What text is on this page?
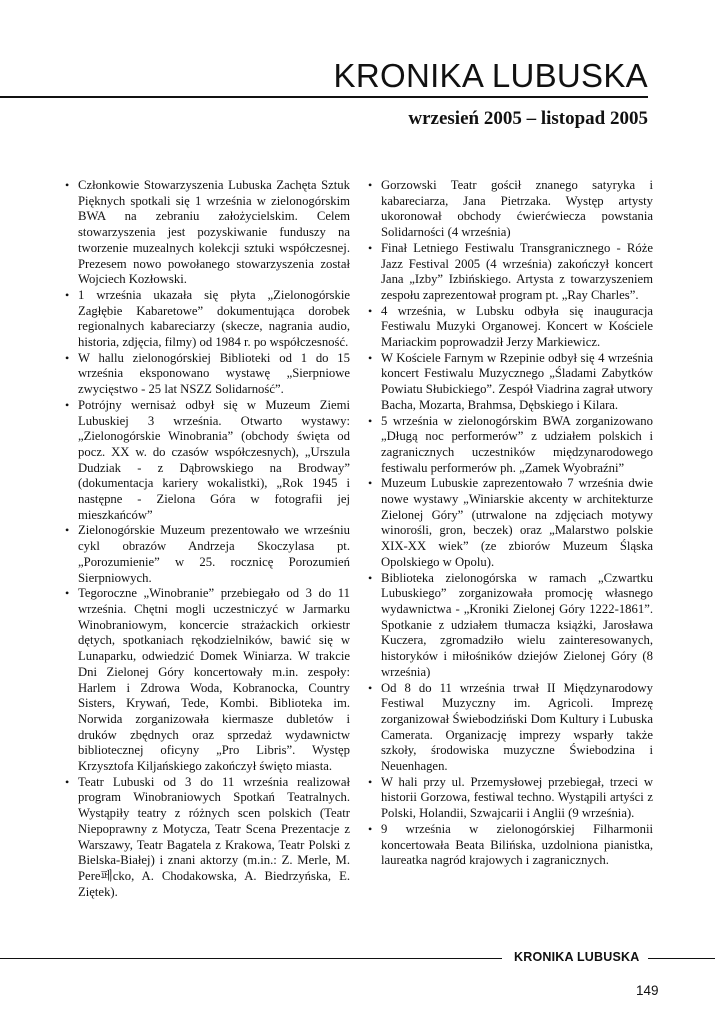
KRONIKA LUBUSKA
wrzesień 2005 – listopad 2005
• Członkowie Stowarzyszenia Lubuska Zachęta Sztuk Pięknych spotkali się 1 września w zielonogórskim BWA na zebraniu założycielskim. Celem stowarzyszenia jest pozyskiwanie funduszy na tworzenie muzealnych kolekcji sztuki współczesnej. Prezesem nowo powołanego stowarzyszenia został Wojciech Kozłowski.
• 1 września ukazała się płyta „Zielonogórskie Zagłębie Kabaretowe” dokumentująca dorobek regionalnych kabareciarzy (skecze, nagrania audio, historia, zdjęcia, filmy) od 1984 r. po współczesność.
• W hallu zielonogórskiej Biblioteki od 1 do 15 września eksponowano wystawę „Sierpniowe zwycięstwo - 25 lat NSZZ Solidarność”.
• Potrójny wernisaż odbył się w Muzeum Ziemi Lubuskiej 3 września. Otwarto wystawy: „Zielonogórskie Winobrania” (obchody święta od pocz. XX w. do czasów współczesnych), „Urszula Dudziak - z Dąbrowskiego na Brodway” (dokumentacja kariery wokalistki), „Rok 1945 i następne - Zielona Góra w fotografii jej mieszkańców”
• Zielonogórskie Muzeum prezentowało we wrześniu cykl obrazów Andrzeja Skoczylasa pt. „Porozumienie” w 25. rocznicę Porozumień Sierpniowych.
• Tegoroczne „Winobranie” przebiegało od 3 do 11 września. Chętni mogli uczestniczyć w Jarmarku Winobraniowym, koncercie strażackich orkiestr dętych, spotkaniach rękodzielników, bawić się w Lunaparku, odwiedzić Domek Winiarza. W trakcie Dni Zielonej Góry koncertowały m.in. zespoły: Harlem i Zdrowa Woda, Kobranocka, Country Sisters, Krywań, Tede, Kombi. Biblioteka im. Norwida zorganizowała kiermasze dubletów i druków zbędnych oraz sprzedaż wydawnictw bibliotecznej oficyny „Pro Libris”. Występ Krzysztofa Kiljańskiego zakończył święto miasta.
• Teatr Lubuski od 3 do 11 września realizował program Winobraniowych Spotkań Teatralnych. Wystąpiły teatry z różnych scen polskich (Teatr Niepoprawny z Motycza, Teatr Scena Prezentacje z Warszawy, Teatr Bagatela z Krakowa, Teatr Polski z Bielska-Białej) i znani aktorzy (m.in.: Z. Merle, M. Pere페cko, A. Chodakowska, A. Biedrzyńska, E. Ziętek).
• Gorzowski Teatr gościł znanego satyryka i kabareciarza, Jana Pietrzaka. Występ artysty ukoronował obchody ćwierćwiecza powstania Solidarności (4 września)
• Finał Letniego Festiwalu Transgranicznego - Róże Jazz Festival 2005 (4 września) zakończył koncert Jana „Izby” Izbińskiego. Artysta z towarzyszeniem zespołu zaprezentował program pt. „Ray Charles”.
• 4 września, w Lubsku odbyła się inauguracja Festiwalu Muzyki Organowej. Koncert w Kościele Mariackim poprowadził Jerzy Markiewicz.
• W Kościele Farnym w Rzepinie odbył się 4 września koncert Festiwalu Muzycznego „Śladami Zabytków Powiatu Słubickiego”. Zespół Viadrina zagrał utwory Bacha, Mozarta, Brahmsa, Dębskiego i Kilara.
• 5 września w zielonogórskim BWA zorganizowano „Długą noc performerów” z udziałem polskich i zagranicznych uczestników międzynarodowego festiwalu performerów ph. „Zamek Wyobraźni”
• Muzeum Lubuskie zaprezentowało 7 września dwie nowe wystawy „Winiarskie akcenty w architekturze Zielonej Góry” (utrwalone na zdjęciach motywy winorośli, gron, beczek) oraz „Malarstwo polskie XIX-XX wiek” (ze zbiorów Muzeum Śląska Opolskiego w Opolu).
• Biblioteka zielonogórska w ramach „Czwartku Lubuskiego” zorganizowała promocję własnego wydawnictwa - „Kroniki Zielonej Góry 1222-1861”. Spotkanie z udziałem tłumacza książki, Jarosława Kuczera, zgromadziło wielu zainteresowanych, historyków i miłośników dziejów Zielonej Góry (8 września)
• Od 8 do 11 września trwał II Międzynarodowy Festiwal Muzyczny im. Agricoli. Imprezę zorganizował Świebodziński Dom Kultury i Lubuska Camerata. Organizację imprezy wsparły także szkoły, środowiska muzyczne Świebodzina i Neuenhagen.
• W hali przy ul. Przemysłowej przebiegał, trzeci w historii Gorzowa, festiwal techno. Wystąpili artyści z Polski, Holandii, Szwajcarii i Anglii (9 września).
• 9 września w zielonogórskiej Filharmonii koncertowała Beata Bilińska, uzdolniona pianistka, laureatka nagród krajowych i zagranicznych.
KRONIKA LUBUSKA
149
